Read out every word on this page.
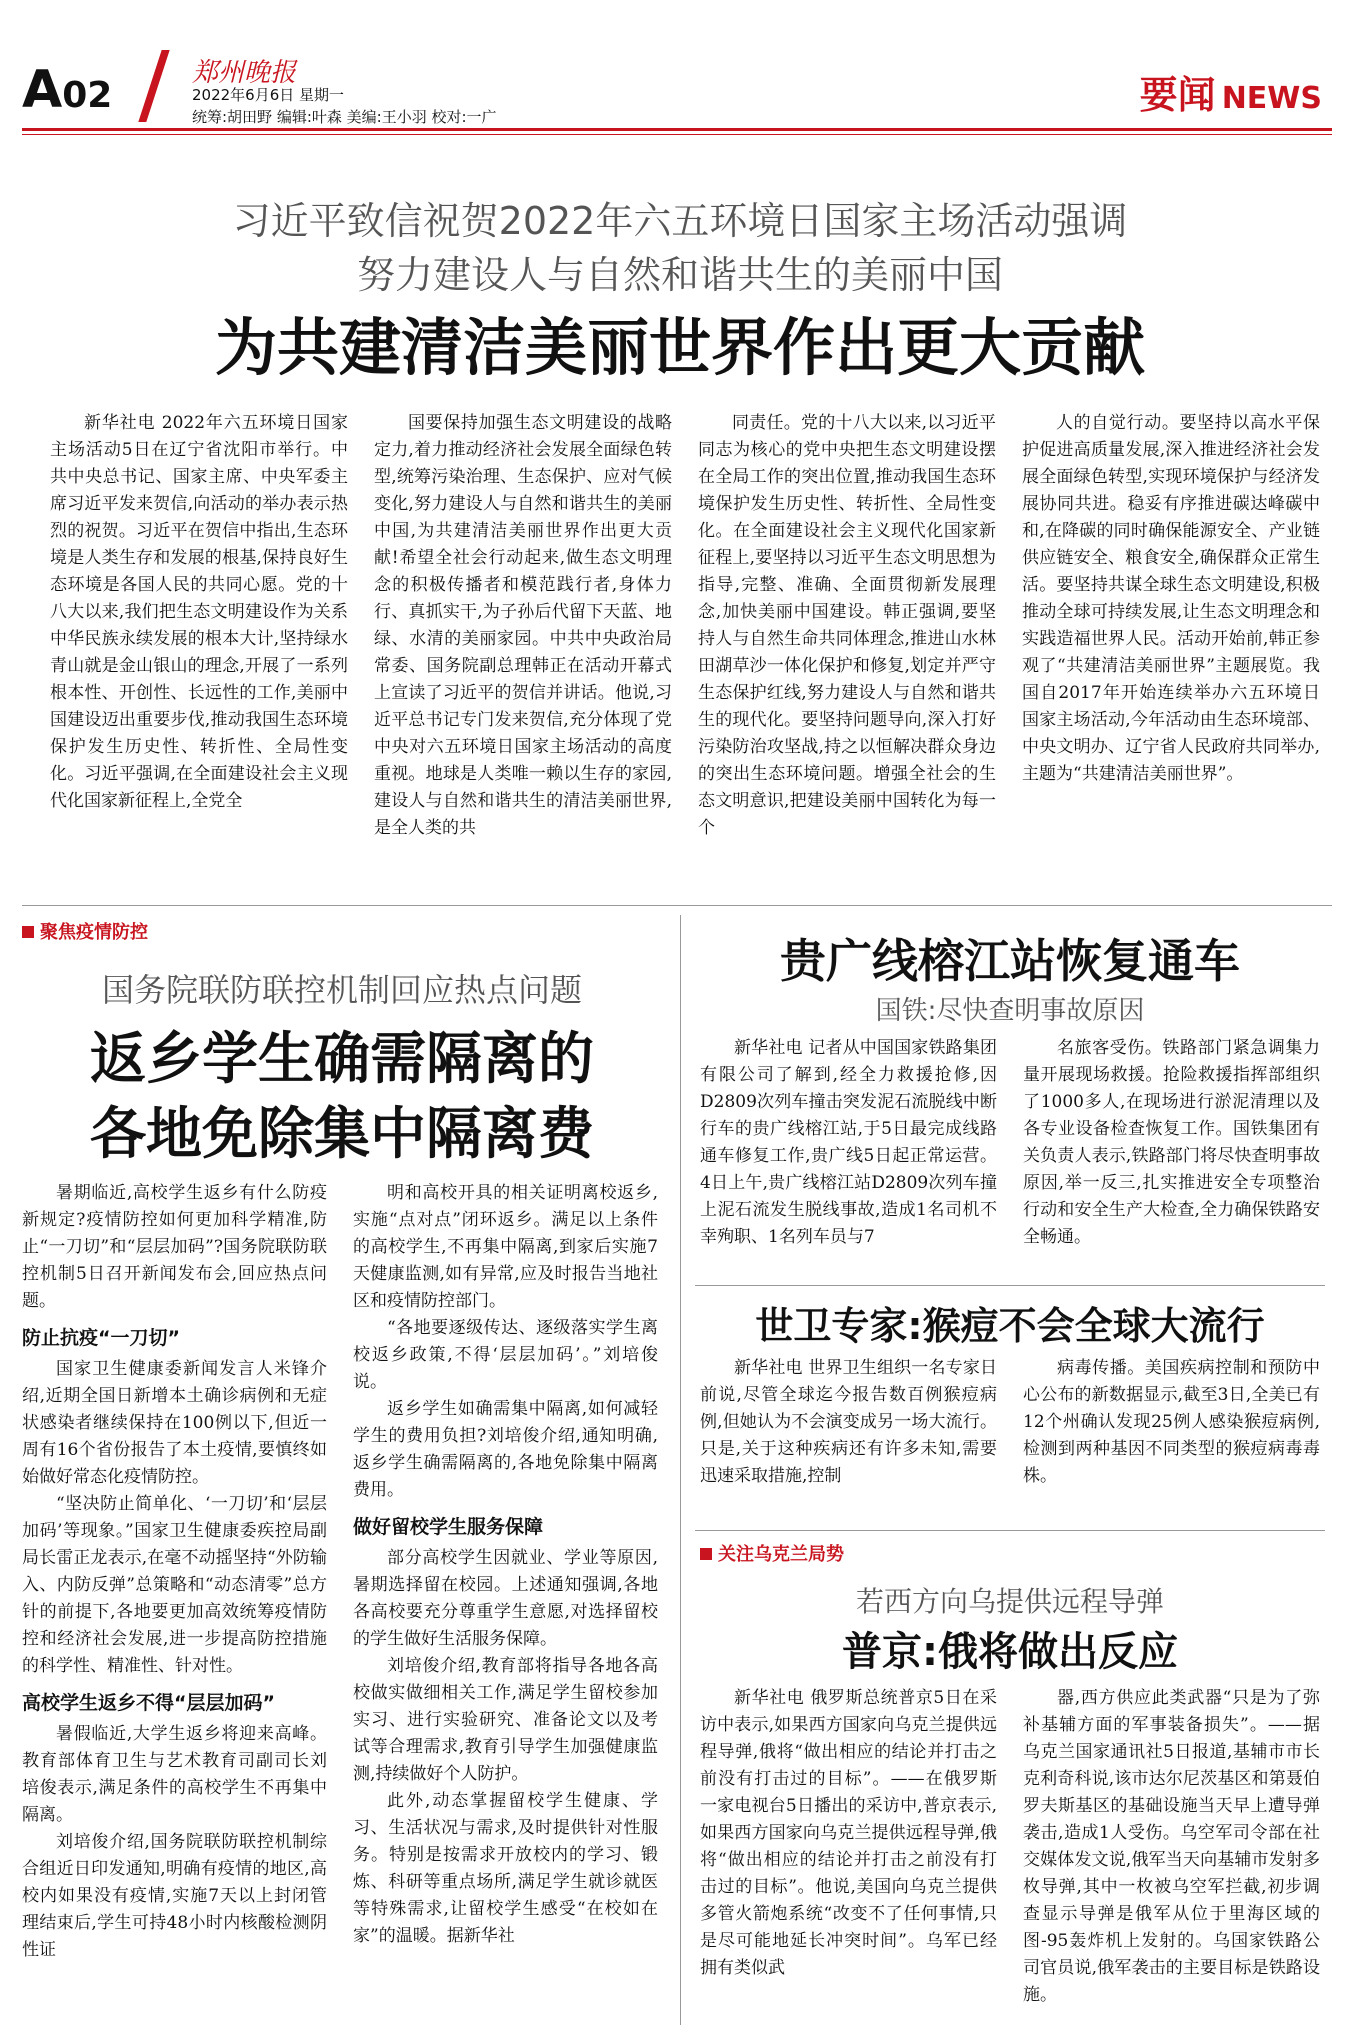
A02
郑州晚报
2022年6月6日 星期一
统筹:胡田野 编辑:叶森 美编:王小羽 校对:一广	要闻 NEWS
习近平致信祝贺2022年六五环境日国家主场活动强调
努力建设人与自然和谐共生的美丽中国
为共建清洁美丽世界作出更大贡献

新华社电 2022年六五环境日国家主场活动5日在辽宁省沈阳市举行。中共中央总书记、国家主席、中央军委主席习近平发来贺信,向活动的举办表示热烈的祝贺。习近平在贺信中指出,生态环境是人类生存和发展的根基,保持良好生态环境是各国人民的共同心愿。党的十八大以来,我们把生态文明建设作为关系中华民族永续发展的根本大计,坚持绿水青山就是金山银山的理念,开展了一系列根本性、开创性、长远性的工作,美丽中国建设迈出重要步伐,推动我国生态环境保护发生历史性、转折性、全局性变化。习近平强调,在全面建设社会主义现代化国家新征程上,全党全

国要保持加强生态文明建设的战略定力,着力推动经济社会发展全面绿色转型,统筹污染治理、生态保护、应对气候变化,努力建设人与自然和谐共生的美丽中国,为共建清洁美丽世界作出更大贡献!希望全社会行动起来,做生态文明理念的积极传播者和模范践行者,身体力行、真抓实干,为子孙后代留下天蓝、地绿、水清的美丽家园。中共中央政治局常委、国务院副总理韩正在活动开幕式上宣读了习近平的贺信并讲话。他说,习近平总书记专门发来贺信,充分体现了党中央对六五环境日国家主场活动的高度重视。地球是人类唯一赖以生存的家园,建设人与自然和谐共生的清洁美丽世界,是全人类的共

同责任。党的十八大以来,以习近平同志为核心的党中央把生态文明建设摆在全局工作的突出位置,推动我国生态环境保护发生历史性、转折性、全局性变化。在全面建设社会主义现代化国家新征程上,要坚持以习近平生态文明思想为指导,完整、准确、全面贯彻新发展理念,加快美丽中国建设。韩正强调,要坚持人与自然生命共同体理念,推进山水林田湖草沙一体化保护和修复,划定并严守生态保护红线,努力建设人与自然和谐共生的现代化。要坚持问题导向,深入打好污染防治攻坚战,持之以恒解决群众身边的突出生态环境问题。增强全社会的生态文明意识,把建设美丽中国转化为每一个

人的自觉行动。要坚持以高水平保护促进高质量发展,深入推进经济社会发展全面绿色转型,实现环境保护与经济发展协同共进。稳妥有序推进碳达峰碳中和,在降碳的同时确保能源安全、产业链供应链安全、粮食安全,确保群众正常生活。要坚持共谋全球生态文明建设,积极推动全球可持续发展,让生态文明理念和实践造福世界人民。活动开始前,韩正参观了“共建清洁美丽世界”主题展览。我国自2017年开始连续举办六五环境日国家主场活动,今年活动由生态环境部、中央文明办、辽宁省人民政府共同举办,主题为“共建清洁美丽世界”。

聚焦疫情防控
国务院联防联控机制回应热点问题
返乡学生确需隔离的
各地免除集中隔离费

暑期临近,高校学生返乡有什么防疫新规定?疫情防控如何更加科学精准,防止“一刀切”和“层层加码”?国务院联防联控机制5日召开新闻发布会,回应热点问题。

防止抗疫“一刀切”

国家卫生健康委新闻发言人米锋介绍,近期全国日新增本土确诊病例和无症状感染者继续保持在100例以下,但近一周有16个省份报告了本土疫情,要慎终如始做好常态化疫情防控。

“坚决防止简单化、‘一刀切’和‘层层加码’等现象。”国家卫生健康委疾控局副局长雷正龙表示,在毫不动摇坚持“外防输入、内防反弹”总策略和“动态清零”总方针的前提下,各地要更加高效统筹疫情防控和经济社会发展,进一步提高防控措施的科学性、精准性、针对性。

高校学生返乡不得“层层加码”

暑假临近,大学生返乡将迎来高峰。教育部体育卫生与艺术教育司副司长刘培俊表示,满足条件的高校学生不再集中隔离。

刘培俊介绍,国务院联防联控机制综合组近日印发通知,明确有疫情的地区,高校内如果没有疫情,实施7天以上封闭管理结束后,学生可持48小时内核酸检测阴性证

明和高校开具的相关证明离校返乡,实施“点对点”闭环返乡。满足以上条件的高校学生,不再集中隔离,到家后实施7天健康监测,如有异常,应及时报告当地社区和疫情防控部门。

“各地要逐级传达、逐级落实学生离校返乡政策,不得‘层层加码’。”刘培俊说。

返乡学生如确需集中隔离,如何减轻学生的费用负担?刘培俊介绍,通知明确,返乡学生确需隔离的,各地免除集中隔离费用。

做好留校学生服务保障

部分高校学生因就业、学业等原因,暑期选择留在校园。上述通知强调,各地各高校要充分尊重学生意愿,对选择留校的学生做好生活服务保障。

刘培俊介绍,教育部将指导各地各高校做实做细相关工作,满足学生留校参加实习、进行实验研究、准备论文以及考试等合理需求,教育引导学生加强健康监测,持续做好个人防护。

此外,动态掌握留校学生健康、学习、生活状况与需求,及时提供针对性服务。特别是按需求开放校内的学习、锻炼、科研等重点场所,满足学生就诊就医等特殊需求,让留校学生感受“在校如在家”的温暖。据新华社

贵广线榕江站恢复通车
国铁:尽快查明事故原因

新华社电 记者从中国国家铁路集团有限公司了解到,经全力救援抢修,因D2809次列车撞击突发泥石流脱线中断行车的贵广线榕江站,于5日最完成线路通车修复工作,贵广线5日起正常运营。4日上午,贵广线榕江站D2809次列车撞上泥石流发生脱线事故,造成1名司机不幸殉职、1名列车员与7

名旅客受伤。铁路部门紧急调集力量开展现场救援。抢险救援指挥部组织了1000多人,在现场进行淤泥清理以及各专业设备检查恢复工作。国铁集团有关负责人表示,铁路部门将尽快查明事故原因,举一反三,扎实推进安全专项整治行动和安全生产大检查,全力确保铁路安全畅通。

世卫专家:猴痘不会全球大流行

新华社电 世界卫生组织一名专家日前说,尽管全球迄今报告数百例猴痘病例,但她认为不会演变成另一场大流行。只是,关于这种疾病还有许多未知,需要迅速采取措施,控制

病毒传播。美国疾病控制和预防中心公布的新数据显示,截至3日,全美已有12个州确认发现25例人感染猴痘病例,检测到两种基因不同类型的猴痘病毒毒株。

关注乌克兰局势
若西方向乌提供远程导弹
普京:俄将做出反应

新华社电 俄罗斯总统普京5日在采访中表示,如果西方国家向乌克兰提供远程导弹,俄将“做出相应的结论并打击之前没有打击过的目标”。——在俄罗斯一家电视台5日播出的采访中,普京表示,如果西方国家向乌克兰提供远程导弹,俄将“做出相应的结论并打击之前没有打击过的目标”。他说,美国向乌克兰提供多管火箭炮系统“改变不了任何事情,只是尽可能地延长冲突时间”。乌军已经拥有类似武

器,西方供应此类武器“只是为了弥补基辅方面的军事装备损失”。——据乌克兰国家通讯社5日报道,基辅市市长克利奇科说,该市达尔尼茨基区和第聂伯罗夫斯基区的基础设施当天早上遭导弹袭击,造成1人受伤。乌空军司令部在社交媒体发文说,俄军当天向基辅市发射多枚导弹,其中一枚被乌空军拦截,初步调查显示导弹是俄军从位于里海区域的图-95轰炸机上发射的。乌国家铁路公司官员说,俄军袭击的主要目标是铁路设施。
